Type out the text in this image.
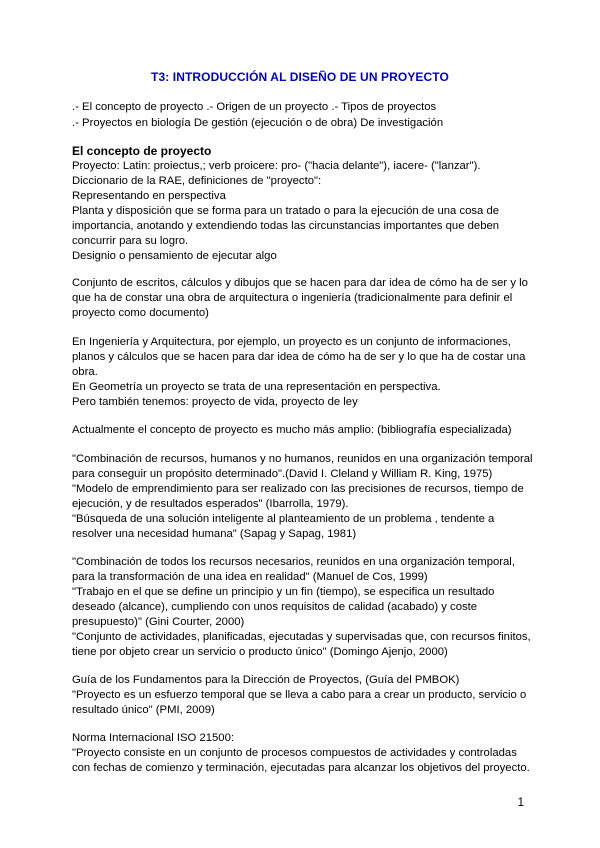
T3: INTRODUCCIÓN AL DISEÑO DE UN PROYECTO
.- El concepto de proyecto .- Origen de un proyecto .- Tipos de proyectos
.- Proyectos en biología De gestión (ejecución o de obra) De investigación
El concepto de proyecto
Proyecto: Latin: proiectus,; verb proicere: pro- ("hacia delante"), iacere- ("lanzar").
Diccionario de la RAE, definiciones de "proyecto":
Representando en perspectiva
Planta y disposición que se forma para un tratado o para la ejecución de una cosa de
importancia, anotando y extendiendo todas las circunstancias importantes que deben
concurrir para su logro.
Designio o pensamiento de ejecutar algo
Conjunto de escritos, cálculos y dibujos que se hacen para dar idea de cómo ha de ser y lo
que ha de constar una obra de arquitectura o ingeniería (tradicionalmente para definir el
proyecto como documento)
En Ingeniería y Arquitectura, por ejemplo, un proyecto es un conjunto de informaciones,
planos y cálculos que se hacen para dar idea de cómo ha de ser y lo que ha de costar una
obra.
En Geometría un proyecto se trata de una representación en perspectiva.
Pero también tenemos: proyecto de vida, proyecto de ley
Actualmente el concepto de proyecto es mucho más amplio: (bibliografía especializada)
"Combinación de recursos, humanos y no humanos, reunidos en una organización temporal
para conseguir un propósito determinado".(David I. Cleland y William R. King, 1975)
"Modelo de emprendimiento para ser realizado con las precisiones de recursos, tiempo de
ejecución, y de resultados esperados" (Ibarrolla, 1979).
"Búsqueda de una solución inteligente al planteamiento de un problema , tendente a
resolver una necesidad humana" (Sapag y Sapag, 1981)
"Combinación de todos los recursos necesarios, reunidos en una organización temporal,
para la transformación de una idea en realidad" (Manuel de Cos, 1999)
"Trabajo en el que se define un principio y un fin (tiempo), se especifica un resultado
deseado (alcance), cumpliendo con unos requisitos de calidad (acabado) y coste
presupuesto)" (Gini Courter, 2000)
"Conjunto de actividades, planificadas, ejecutadas y supervisadas que, con recursos finitos,
tiene por objeto crear un servicio o producto único" (Domingo Ajenjo, 2000)
Guía de los Fundamentos para la Dirección de Proyectos, (Guía del PMBOK)
"Proyecto es un esfuerzo temporal que se lleva a cabo para a crear un producto, servicio o
resultado único" (PMI, 2009)
Norma Internacional ISO 21500:
"Proyecto consiste en un conjunto de procesos compuestos de actividades y controladas
con fechas de comienzo y terminación, ejecutadas para alcanzar los objetivos del proyecto.
1
